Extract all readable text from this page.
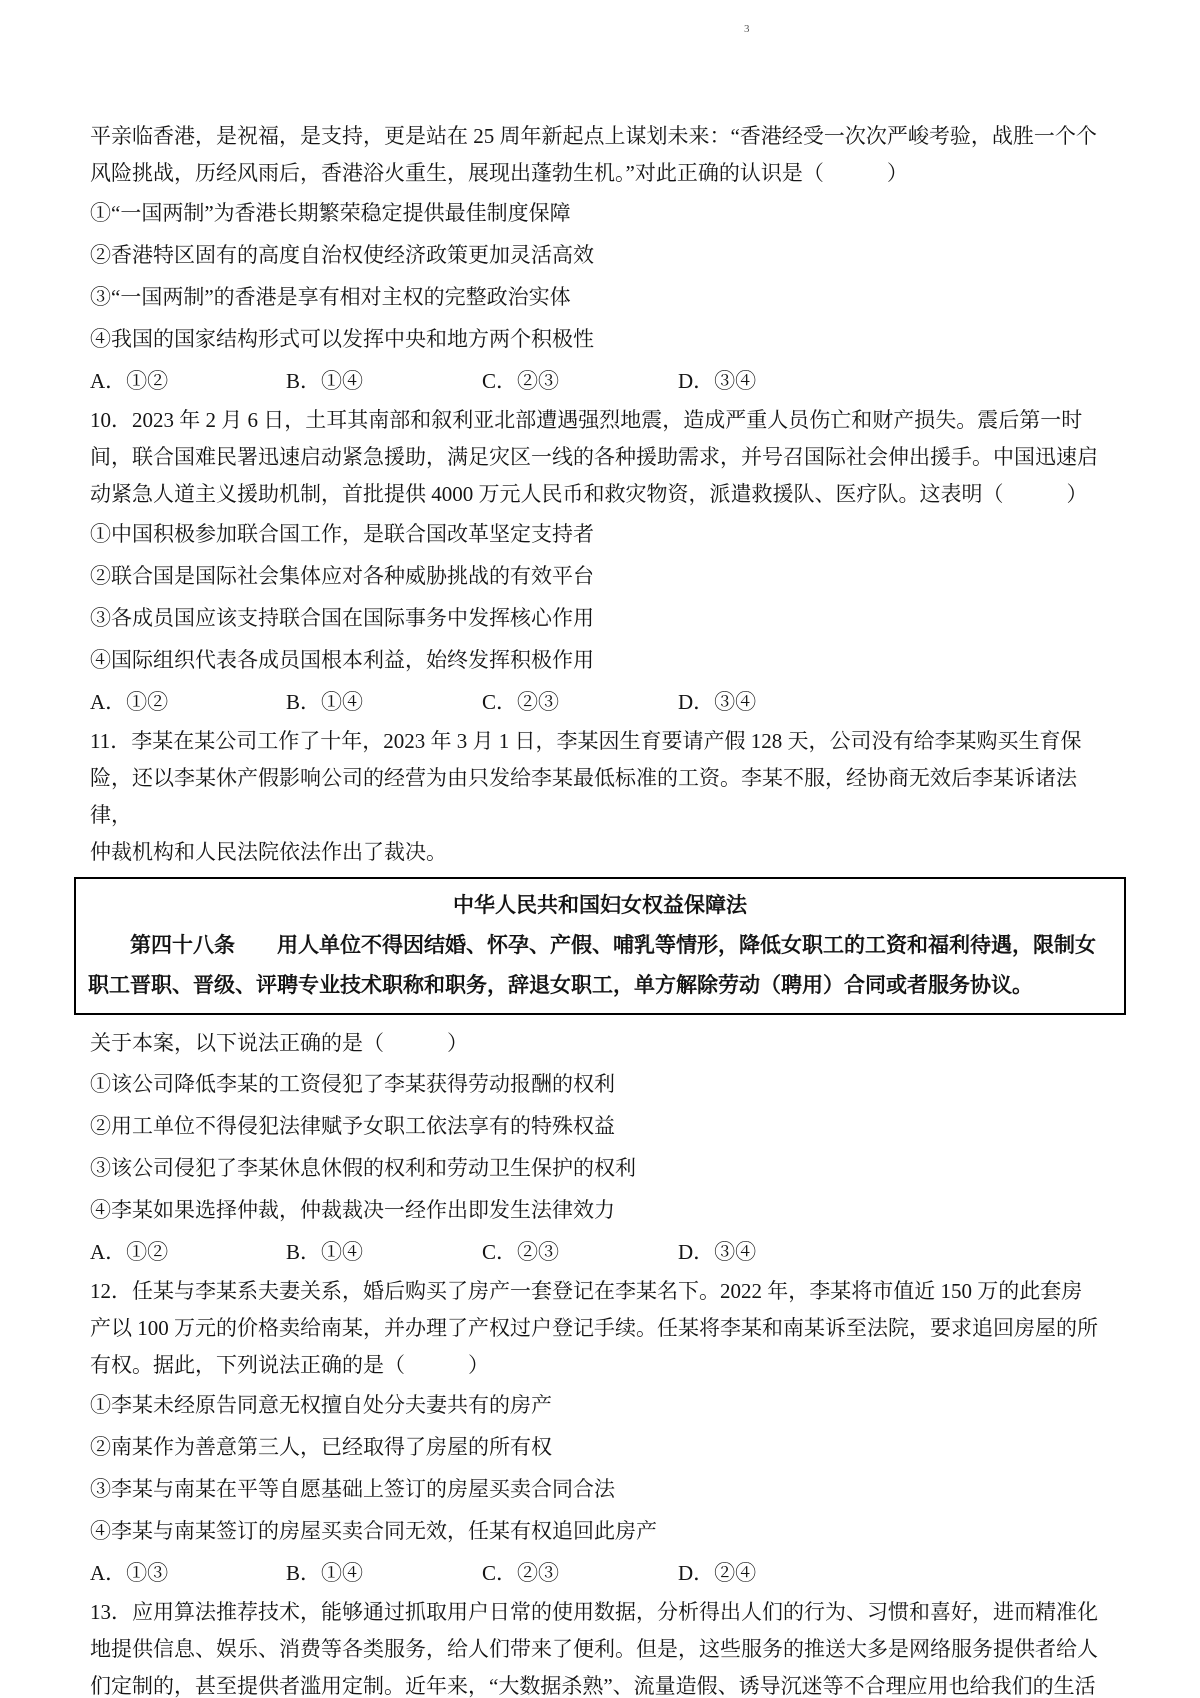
3
平亲临香港，是祝福，是支持，更是站在 25 周年新起点上谋划未来：“香港经受一次次严峻考验，战胜一个个
风险挑战，历经风雨后，香港浴火重生，展现出蓬勃生机。”对此正确的认识是（　　　）
①“一国两制”为香港长期繁荣稳定提供最佳制度保障
②香港特区固有的高度自治权使经济政策更加灵活高效
③“一国两制”的香港是享有相对主权的完整政治实体
④我国的国家结构形式可以发挥中央和地方两个积极性
A．①②	B．①④	C．②③	D．③④
10．2023 年 2 月 6 日，土耳其南部和叙利亚北部遭遇强烈地震，造成严重人员伤亡和财产损失。震后第一时
间，联合国难民署迅速启动紧急援助，满足灾区一线的各种援助需求，并号召国际社会伸出援手。中国迅速启
动紧急人道主义援助机制，首批提供 4000 万元人民币和救灾物资，派遣救援队、医疗队。这表明（　　　）
①中国积极参加联合国工作，是联合国改革坚定支持者
②联合国是国际社会集体应对各种威胁挑战的有效平台
③各成员国应该支持联合国在国际事务中发挥核心作用
④国际组织代表各成员国根本利益，始终发挥积极作用
A．①②	B．①④	C．②③	D．③④
11．李某在某公司工作了十年，2023 年 3 月 1 日，李某因生育要请产假 128 天，公司没有给李某购买生育保
险，还以李某休产假影响公司的经营为由只发给李某最低标准的工资。李某不服，经协商无效后李某诉诸法律，
仲裁机构和人民法院依法作出了裁决。
中华人民共和国妇女权益保障法
第四十八条　　用人单位不得因结婚、怀孕、产假、哺乳等情形，降低女职工的工资和福利待遇，限制女
职工晋职、晋级、评聘专业技术职称和职务，辞退女职工，单方解除劳动（聘用）合同或者服务协议。
关于本案，以下说法正确的是（　　　）
①该公司降低李某的工资侵犯了李某获得劳动报酬的权利
②用工单位不得侵犯法律赋予女职工依法享有的特殊权益
③该公司侵犯了李某休息休假的权利和劳动卫生保护的权利
④李某如果选择仲裁，仲裁裁决一经作出即发生法律效力
A．①②	B．①④	C．②③	D．③④
12．任某与李某系夫妻关系，婚后购买了房产一套登记在李某名下。2022 年，李某将市值近 150 万的此套房
产以 100 万元的价格卖给南某，并办理了产权过户登记手续。任某将李某和南某诉至法院，要求追回房屋的所
有权。据此，下列说法正确的是（　　　）
①李某未经原告同意无权擅自处分夫妻共有的房产
②南某作为善意第三人，已经取得了房屋的所有权
③李某与南某在平等自愿基础上签订的房屋买卖合同合法
④李某与南某签订的房屋买卖合同无效，任某有权追回此房产
A．①③	B．①④	C．②③	D．②④
13．应用算法推荐技术，能够通过抓取用户日常的使用数据，分析得出人们的行为、习惯和喜好，进而精准化
地提供信息、娱乐、消费等各类服务，给人们带来了便利。但是，这些服务的推送大多是网络服务提供者给人
们定制的，甚至提供者滥用定制。近年来，“大数据杀熟”、流量造假、诱导沉迷等不合理应用也给我们的生活
